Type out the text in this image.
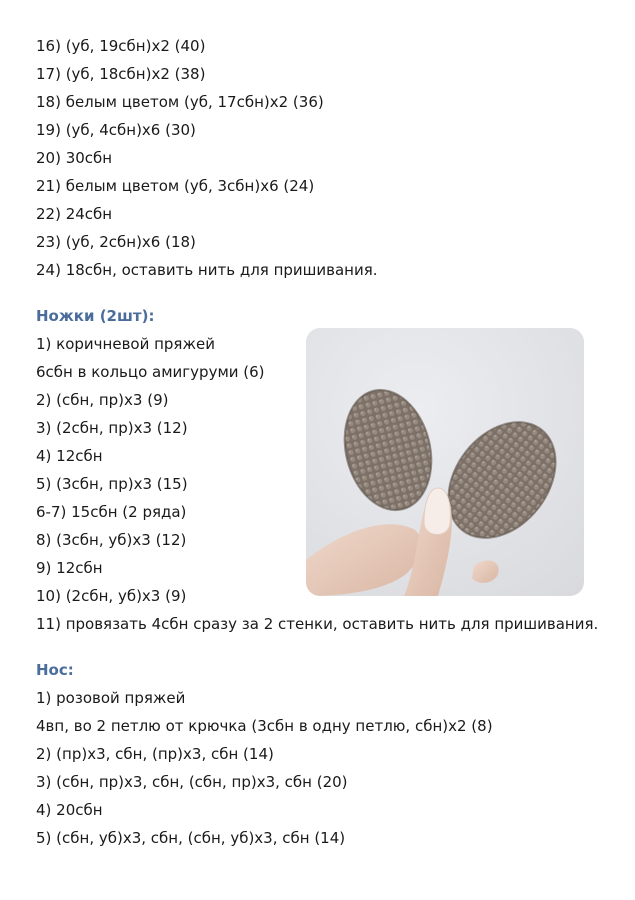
16) (уб, 19сбн)х2 (40)
17) (уб, 18сбн)х2 (38)
18) белым цветом (уб, 17сбн)х2 (36)
19) (уб, 4сбн)х6 (30)
20) 30сбн
21) белым цветом (уб, 3сбн)х6 (24)
22) 24сбн
23) (уб, 2сбн)х6 (18)
24) 18сбн, оставить нить для пришивания.
Ножки (2шт):
1) коричневой пряжей
6сбн в кольцо амигуруми (6)
2) (сбн, пр)х3 (9)
3) (2сбн, пр)х3 (12)
4) 12сбн
5) (3сбн, пр)х3 (15)
6-7) 15сбн (2 ряда)
8) (3сбн, уб)х3 (12)
9) 12сбн
10) (2сбн, уб)х3 (9)
11) провязать 4сбн сразу за 2 стенки, оставить нить для пришивания.
Нос:
1) розовой пряжей
4вп, во 2 петлю от крючка (3сбн в одну петлю, сбн)х2 (8)
2) (пр)х3, сбн, (пр)х3, сбн (14)
3) (сбн, пр)х3, сбн, (сбн, пр)х3, сбн (20)
4) 20сбн
5) (сбн, уб)х3, сбн, (сбн, уб)х3, сбн (14)
